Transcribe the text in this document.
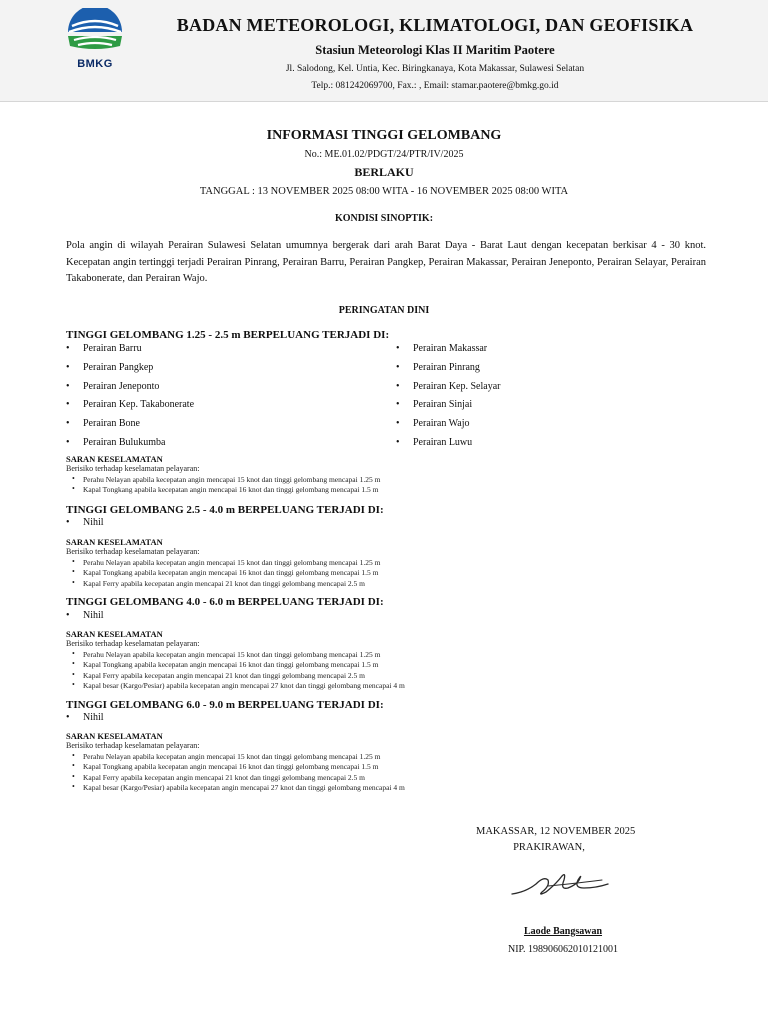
BMKG
BADAN METEOROLOGI, KLIMATOLOGI, DAN GEOFISIKA
Stasiun Meteorologi Klas II Maritim Paotere
Jl. Salodong, Kel. Untia, Kec. Biringkanaya, Kota Makassar, Sulawesi Selatan
Telp.: 081242069700, Fax.: , Email: stamar.paotere@bmkg.go.id
INFORMASI TINGGI GELOMBANG
No.: ME.01.02/PDGT/24/PTR/IV/2025
BERLAKU
TANGGAL : 13 NOVEMBER 2025 08:00 WITA - 16 NOVEMBER 2025 08:00 WITA
KONDISI SINOPTIK:

Pola angin di wilayah Perairan Sulawesi Selatan umumnya bergerak dari arah Barat Daya - Barat Laut dengan kecepatan berkisar 4 - 30 knot. Kecepatan angin tertinggi terjadi Perairan Pinrang, Perairan Barru, Perairan Pangkep, Perairan Makassar, Perairan Jeneponto, Perairan Selayar, Perairan Takabonerate, dan Perairan Wajo.

PERINGATAN DINI
TINGGI GELOMBANG 1.25 - 2.5 m BERPELUANG TERJADI DI:
• Perairan Barru
• Perairan Pangkep
• Perairan Jeneponto
• Perairan Kep. Takabonerate
• Perairan Bone
• Perairan Bulukumba
• Perairan Makassar
• Perairan Pinrang
• Perairan Kep. Selayar
• Perairan Sinjai
• Perairan Wajo
• Perairan Luwu
SARAN KESELAMATAN
Berisiko terhadap keselamatan pelayaran:
• Perahu Nelayan apabila kecepatan angin mencapai 15 knot dan tinggi gelombang mencapai 1.25 m
• Kapal Tongkang apabila kecepatan angin mencapai 16 knot dan tinggi gelombang mencapai 1.5 m
TINGGI GELOMBANG 2.5 - 4.0 m BERPELUANG TERJADI DI:
• Nihil
SARAN KESELAMATAN
Berisiko terhadap keselamatan pelayaran:
• Perahu Nelayan apabila kecepatan angin mencapai 15 knot dan tinggi gelombang mencapai 1.25 m
• Kapal Tongkang apabila kecepatan angin mencapai 16 knot dan tinggi gelombang mencapai 1.5 m
• Kapal Ferry apabila kecepatan angin mencapai 21 knot dan tinggi gelombang mencapai 2.5 m
TINGGI GELOMBANG 4.0 - 6.0 m BERPELUANG TERJADI DI:
• Nihil
SARAN KESELAMATAN
Berisiko terhadap keselamatan pelayaran:
• Perahu Nelayan apabila kecepatan angin mencapai 15 knot dan tinggi gelombang mencapai 1.25 m
• Kapal Tongkang apabila kecepatan angin mencapai 16 knot dan tinggi gelombang mencapai 1.5 m
• Kapal Ferry apabila kecepatan angin mencapai 21 knot dan tinggi gelombang mencapai 2.5 m
• Kapal besar (Kargo/Pesiar) apabila kecepatan angin mencapai 27 knot dan tinggi gelombang mencapai 4 m
TINGGI GELOMBANG 6.0 - 9.0 m BERPELUANG TERJADI DI:
• Nihil
SARAN KESELAMATAN
Berisiko terhadap keselamatan pelayaran:
• Perahu Nelayan apabila kecepatan angin mencapai 15 knot dan tinggi gelombang mencapai 1.25 m
• Kapal Tongkang apabila kecepatan angin mencapai 16 knot dan tinggi gelombang mencapai 1.5 m
• Kapal Ferry apabila kecepatan angin mencapai 21 knot dan tinggi gelombang mencapai 2.5 m
• Kapal besar (Kargo/Pesiar) apabila kecepatan angin mencapai 27 knot dan tinggi gelombang mencapai 4 m
MAKASSAR, 12 NOVEMBER 2025
PRAKIRAWAN,
Laode Bangsawan
NIP. 198906062010121001
